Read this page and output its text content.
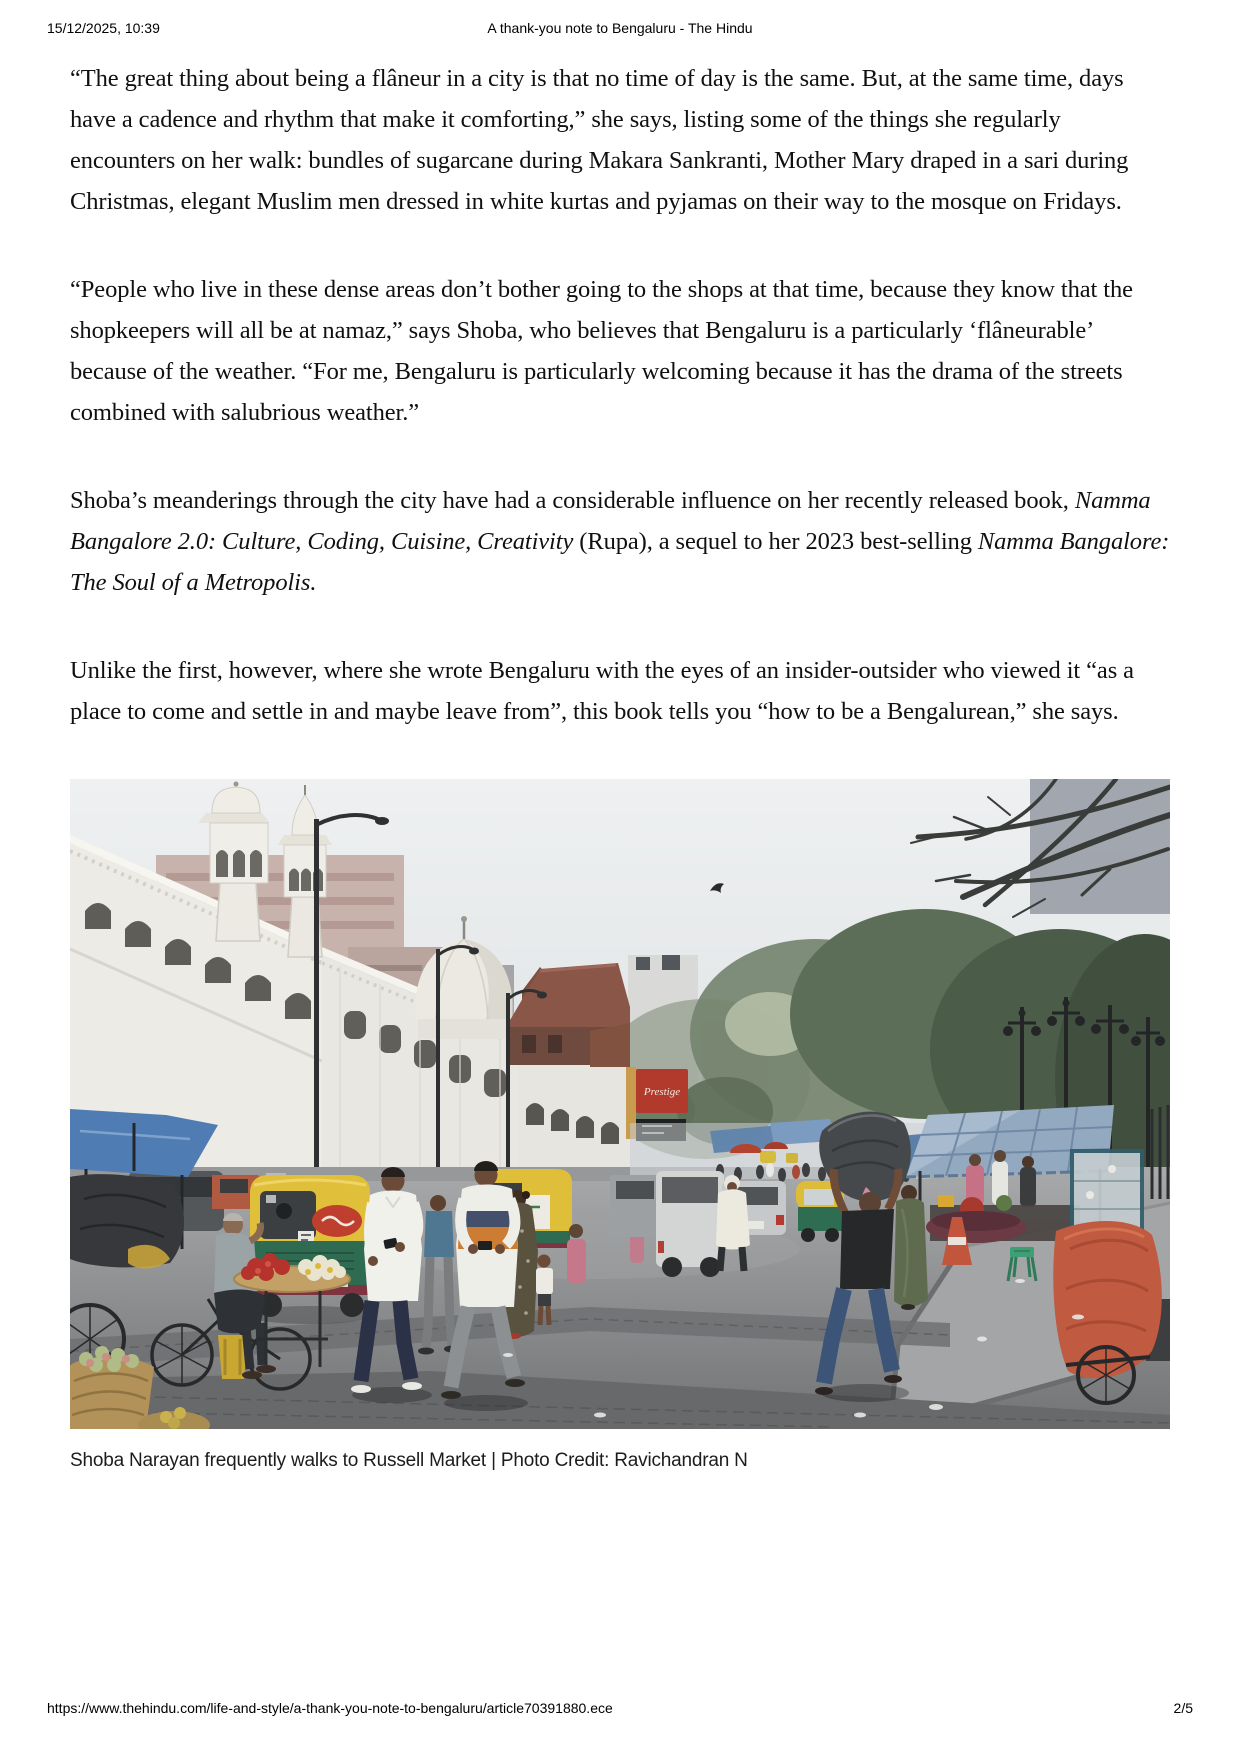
15/12/2025, 10:39	A thank-you note to Bengaluru - The Hindu

“The great thing about being a flâneur in a city is that no time of day is the same. But, at the same time, days have a cadence and rhythm that make it comforting,” she says, listing some of the things she regularly encounters on her walk: bundles of sugarcane during Makara Sankranti, Mother Mary draped in a sari during Christmas, elegant Muslim men dressed in white kurtas and pyjamas on their way to the mosque on Fridays.

“People who live in these dense areas don’t bother going to the shops at that time, because they know that the shopkeepers will all be at namaz,” says Shoba, who believes that Bengaluru is a particularly ‘flâneurable’ because of the weather. “For me, Bengaluru is particularly welcoming because it has the drama of the streets combined with salubrious weather.”

Shoba’s meanderings through the city have had a considerable influence on her recently released book, Namma Bangalore 2.0: Culture, Coding, Cuisine, Creativity (Rupa), a sequel to her 2023 best-selling Namma Bangalore: The Soul of a Metropolis.

Unlike the first, however, where she wrote Bengaluru with the eyes of an insider-outsider who viewed it “as a place to come and settle in and maybe leave from”, this book tells you “how to be a Bengalurean,” she says.

Prestige
Shoba Narayan frequently walks to Russell Market | Photo Credit: Ravichandran N
https://www.thehindu.com/life-and-style/a-thank-you-note-to-bengaluru/article70391880.ece	2/5
